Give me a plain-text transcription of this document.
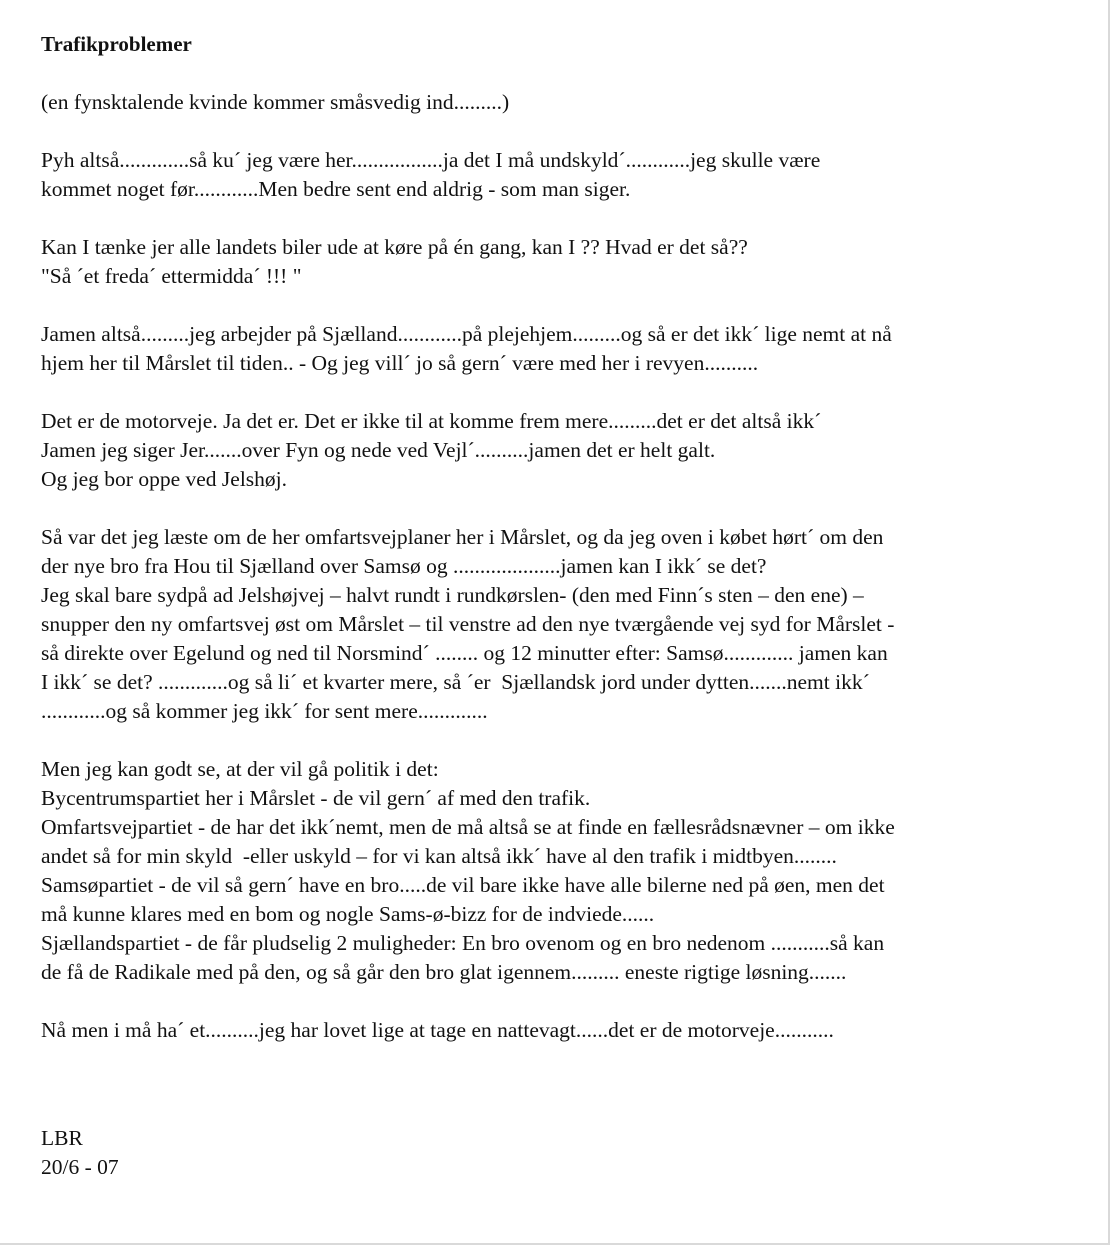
Trafikproblemer
(en fynsktalende kvinde kommer småsvedig ind.........)
Pyh altså.............så ku´ jeg være her.................ja det I må undskyld´............jeg skulle være
kommet noget før............Men bedre sent end aldrig - som man siger.
Kan I tænke jer alle landets biler ude at køre på én gang, kan I ?? Hvad er det så??
"Så ´et freda´ ettermidda´ !!! "
Jamen altså.........jeg arbejder på Sjælland............på plejehjem.........og så er det ikk´ lige nemt at nå
hjem her til Mårslet til tiden.. - Og jeg vill´ jo så gern´ være med her i revyen..........
Det er de motorveje. Ja det er. Det er ikke til at komme frem mere.........det er det altså ikk´
Jamen jeg siger Jer.......over Fyn og nede ved Vejl´..........jamen det er helt galt.
Og jeg bor oppe ved Jelshøj.
Så var det jeg læste om de her omfartsvejplaner her i Mårslet, og da jeg oven i købet hørt´ om den
der nye bro fra Hou til Sjælland over Samsø og ....................jamen kan I ikk´ se det?
Jeg skal bare sydpå ad Jelshøjvej – halvt rundt i rundkørslen- (den med Finn´s sten – den ene) –
snupper den ny omfartsvej øst om Mårslet – til venstre ad den nye tværgående vej syd for Mårslet -
så direkte over Egelund og ned til Norsmind´ ........ og 12 minutter efter: Samsø............. jamen kan
I ikk´ se det? .............og så li´ et kvarter mere, så ´er  Sjællandsk jord under dytten.......nemt ikk´
............og så kommer jeg ikk´ for sent mere.............
Men jeg kan godt se, at der vil gå politik i det:
Bycentrumspartiet her i Mårslet - de vil gern´ af med den trafik.
Omfartsvejpartiet - de har det ikk´nemt, men de må altså se at finde en fællesrådsnævner – om ikke
andet så for min skyld  -eller uskyld – for vi kan altså ikk´ have al den trafik i midtbyen........
Samsøpartiet - de vil så gern´ have en bro.....de vil bare ikke have alle bilerne ned på øen, men det
må kunne klares med en bom og nogle Sams-ø-bizz for de indviede......
Sjællandspartiet - de får pludselig 2 muligheder: En bro ovenom og en bro nedenom ...........så kan
de få de Radikale med på den, og så går den bro glat igennem......... eneste rigtige løsning.......
Nå men i må ha´ et..........jeg har lovet lige at tage en nattevagt......det er de motorveje...........
LBR
20/6 - 07
